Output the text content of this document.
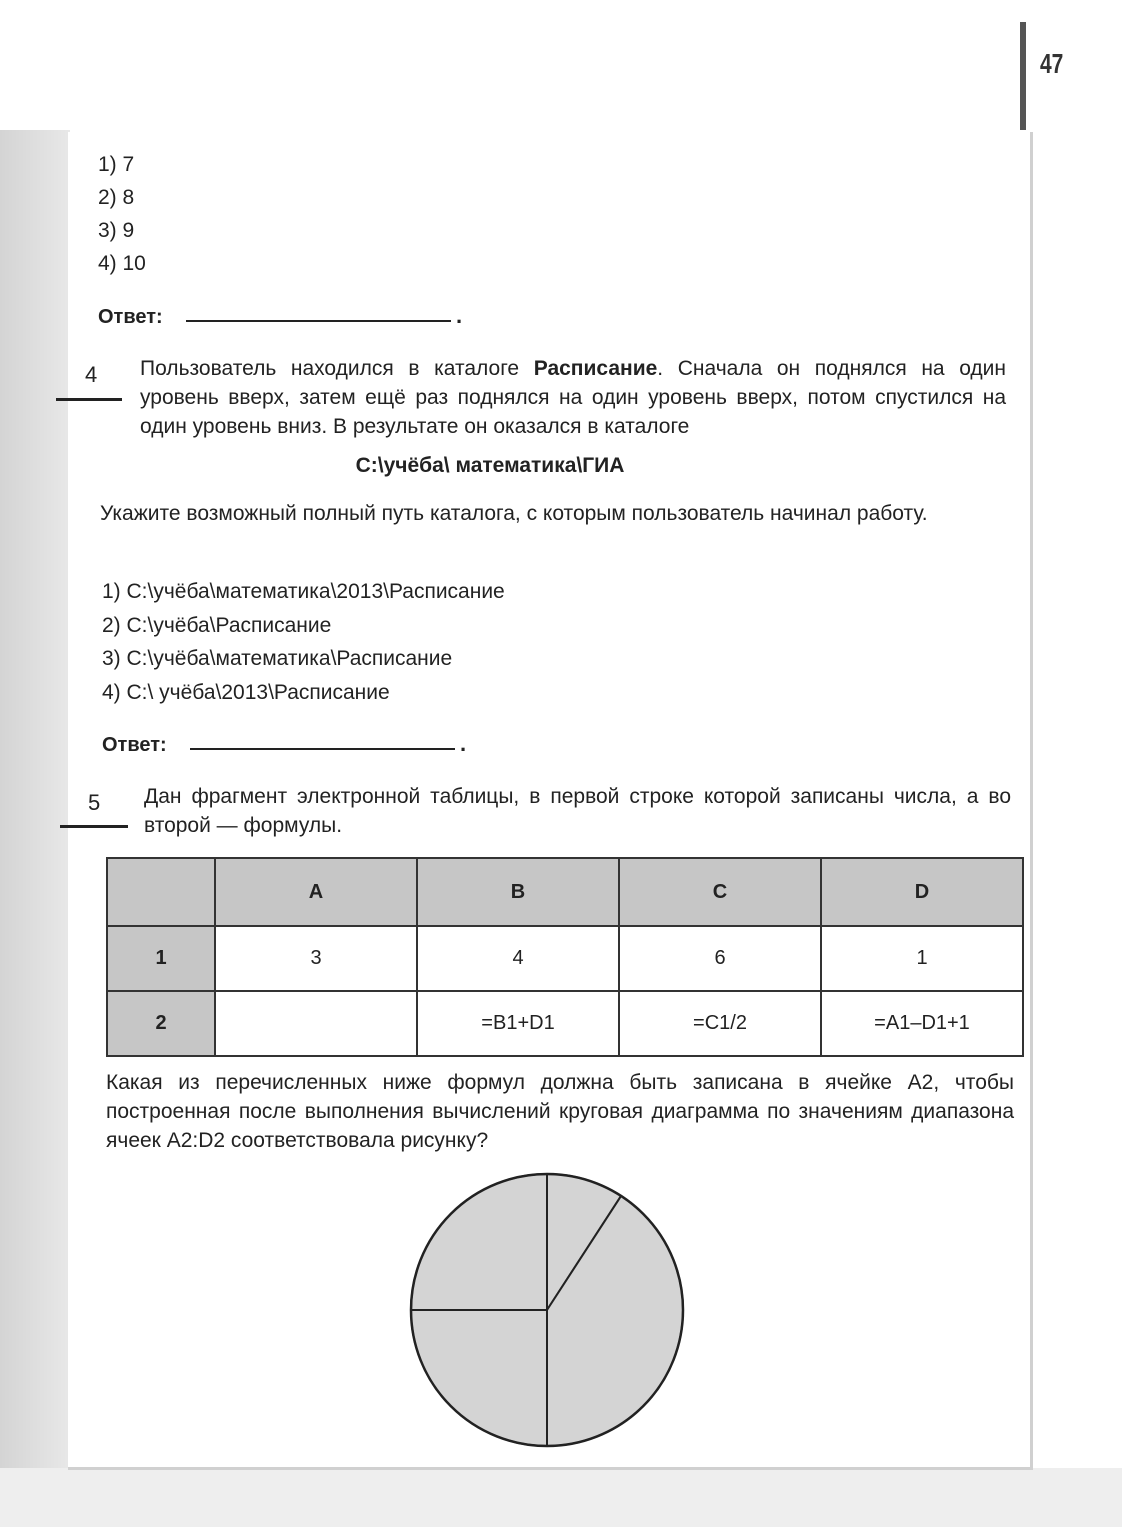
47
1) 7
2) 8
3) 9
4) 10
Ответ:	.
4 Пользователь находился в каталоге Расписание. Сначала он поднялся на один уровень вверх, затем ещё раз поднялся на один уровень вверх, потом спустился на один уровень вниз. В результате он оказался в каталоге
С:\учёба\ математика\ГИА
Укажите возможный полный путь каталога, с которым пользователь начинал работу.
1) С:\учёба\математика\2013\Расписание
2) С:\учёба\Расписание
3) С:\учёба\математика\Расписание
4) С:\ учёба\2013\Расписание
Ответ:	.
5 Дан фрагмент электронной таблицы, в первой строке которой записаны числа, а во второй — формулы.
	A	B	C	D
1	3	4	6	1
2		=B1+D1	=C1/2	=A1–D1+1
Какая из перечисленных ниже формул должна быть записана в ячейке A2, чтобы построенная после выполнения вычислений круговая диаграмма по значениям диапазона ячеек A2:D2 соответствовала рисунку?
